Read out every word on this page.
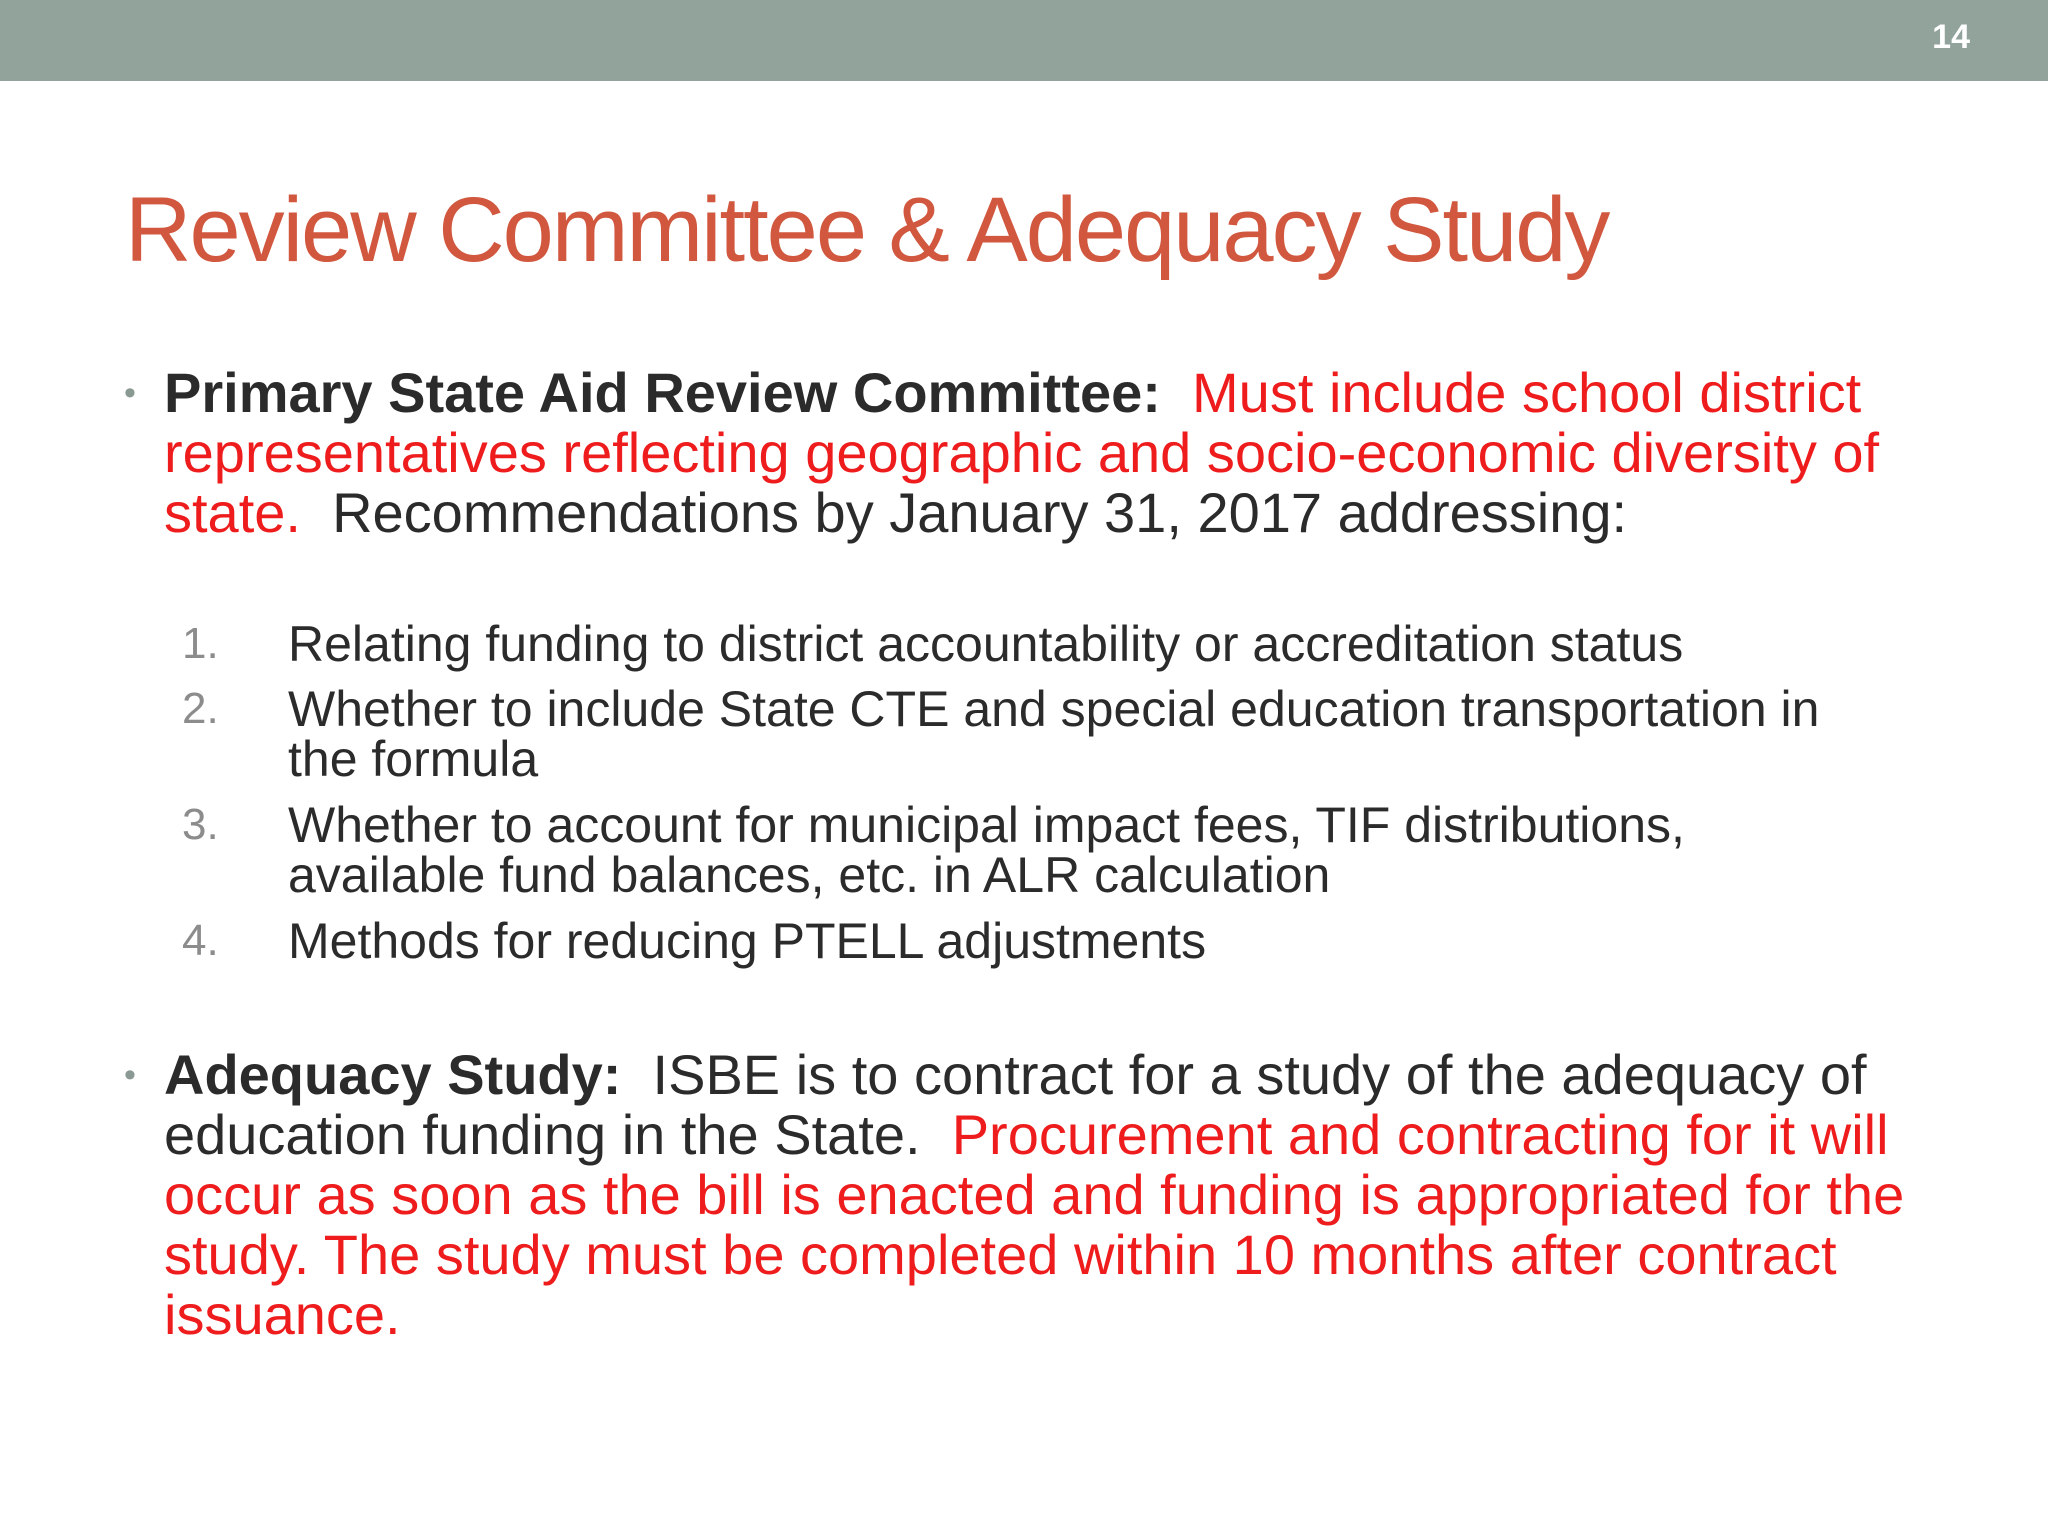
14
Review Committee & Adequacy Study
• Primary State Aid Review Committee: Must include school district representatives reflecting geographic and socio-economic diversity of state. Recommendations by January 31, 2017 addressing:
1. Relating funding to district accountability or accreditation status
2. Whether to include State CTE and special education transportation in the formula
3. Whether to account for municipal impact fees, TIF distributions, available fund balances, etc. in ALR calculation
4. Methods for reducing PTELL adjustments
• Adequacy Study: ISBE is to contract for a study of the adequacy of education funding in the State. Procurement and contracting for it will occur as soon as the bill is enacted and funding is appropriated for the study. The study must be completed within 10 months after contract issuance.
